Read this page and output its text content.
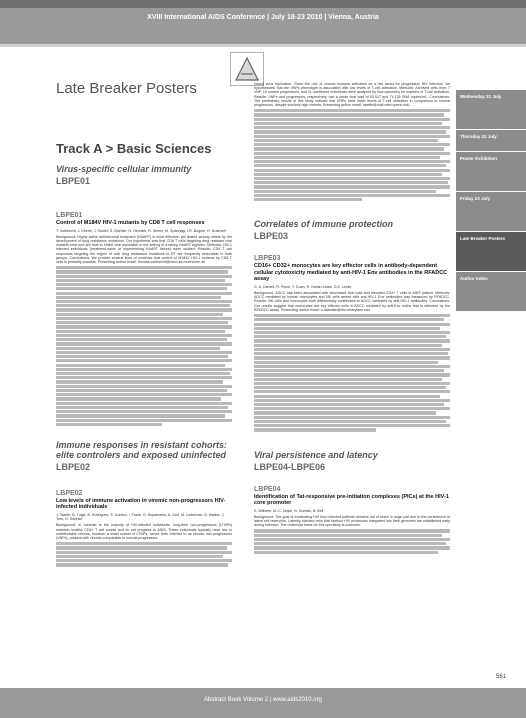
XVIII International AIDS Conference | July 18-23 2010 | Vienna, Austria
Late Breaker Posters
Track A > Basic Sciences
Virus-specific cellular immunity
LBPE01
LBPE01
Control of M184V HIV-1 mutants by CD8 T cell responses
T. Vollbrecht, J. Eberle, J. Roider, S. Buehler, N. Hennich, R. Sitmer, M. Spannagl, I.R. Bogner, R. Draenert
Background: Highly active antiretroviral treatment (HAART) is most effective, yet limited among others by the development of drug resistance mutations. Our hypothesis was that CD8 T cells targeting drug resistant viral mutants exist and are able to inhibit viral replication in the setting of a failing HAART regimen. Methods: HIV-1 infected individuals (treatment-naive or experiencing HAART failure) were studied. Results: CD8 T cell responses targeting the region of viral drug resistance mutations in RT are frequently detectable in both groups. Conclusions: We provide several lines of evidence that control of M184V HIV-1 mutants by CD8 T cells is probably possible. Presenting author email: thomas.vollbrecht@med.uni-muenchen.de
Immune responses in resistant cohorts: elite controlers and exposed uninfected
LBPE02
LBPE02
Low levels of immune activation in viremic non-progressors HIV-infected individuals
J. Tsarfin, B. Tulge, B. Rodriguez, S. Gordon, I. Frank, O. Ropaments, A. Gorf, M. Lederman, B. Walker, C. Toro, G. Silvestri
Background: In contrast to the majority of HIV-infected individuals, long-term non-progressors (LTNPs) maintain healthy CD4+ T cell counts and do not progress to AIDS. These individuals typically have low or undetectable viremia, however a small subset of LTNPs, hence forth referred to as viremic non-progressors (VNPs), present with viremia comparable to normal progressors.
robust virus replication. Given the role of chronic immune activation as a risk factor for progressive HIV infection, we hypothesized that the VNPs phenotype is associated with low levels of T-cell activation. Methods: Archived cells from 7 VNP, 10 normal progressors, and 11 uninfected individuals were analyzed by flow cytometry for markers of T-cell activation. Results: VNPs and progressors, respectively, had a mean viral load of 53,517 and 74,135 RNA copies/mL. Conclusions: The preliminary results of this study indicate that VNPs have lower levels of T-cell activation in comparison to normal progressors, despite similarly high viremia. Presenting author email: bwelfe@mail.med.upenn.edu
Correlates of immune protection
LBPE03
LBPE03
CD16+ CD32+ monocytes are key effector cells in antibody-dependent cellular cytotoxicity mediated by anti-HIV-1 Env antibodies in the RFADCC assay
G. A. Dames, R. Pinos, Y. Guan, R. Kamin-Lewis, G.K. Lewis
Background: ADCC has been associated with decreased viral load and elevated CD4+ T cells in AIDS patient. Methods: ADCC mediated by human monocytes and NK cells armed with anti-HIV-1 Env antibodies was measured by RFADCC. Results: NK cells and monocytes both differentially contributed to ADCC mediated by anti-HIV-1 antibodies. Conclusions: Our results suggest that monocytes are key effector cells in ADCC mediated by anti-Env mAbs that is detected by the RFADCC assay. Presenting author email: s.adamian@ihv.umaryland.edu
Viral persistence and latency
LBPE04-LBPE06
LBPE04
Identification of Tat-responsive pre-initiation complexes (PICs) at the HIV-1 core promoter
E. Wilhelm, M.-C. Doyle, N. Dumais, B. Bell
Background: The goal of eradicating HIV from infected patients remains out of reach in large part due to the persistence of latent cell reservoirs. Latently infected cells that harbour HIV proviruses integrated into their genomes are established early during infection. The molecular basis for this specificity is unknown.
Wednesday 21 July
Thursday 22 July
Poster Exhibition
Friday 23 July
Late Breaker Posters
Author Index
561
Abstract Book Volume 2 | www.aids2010.org
